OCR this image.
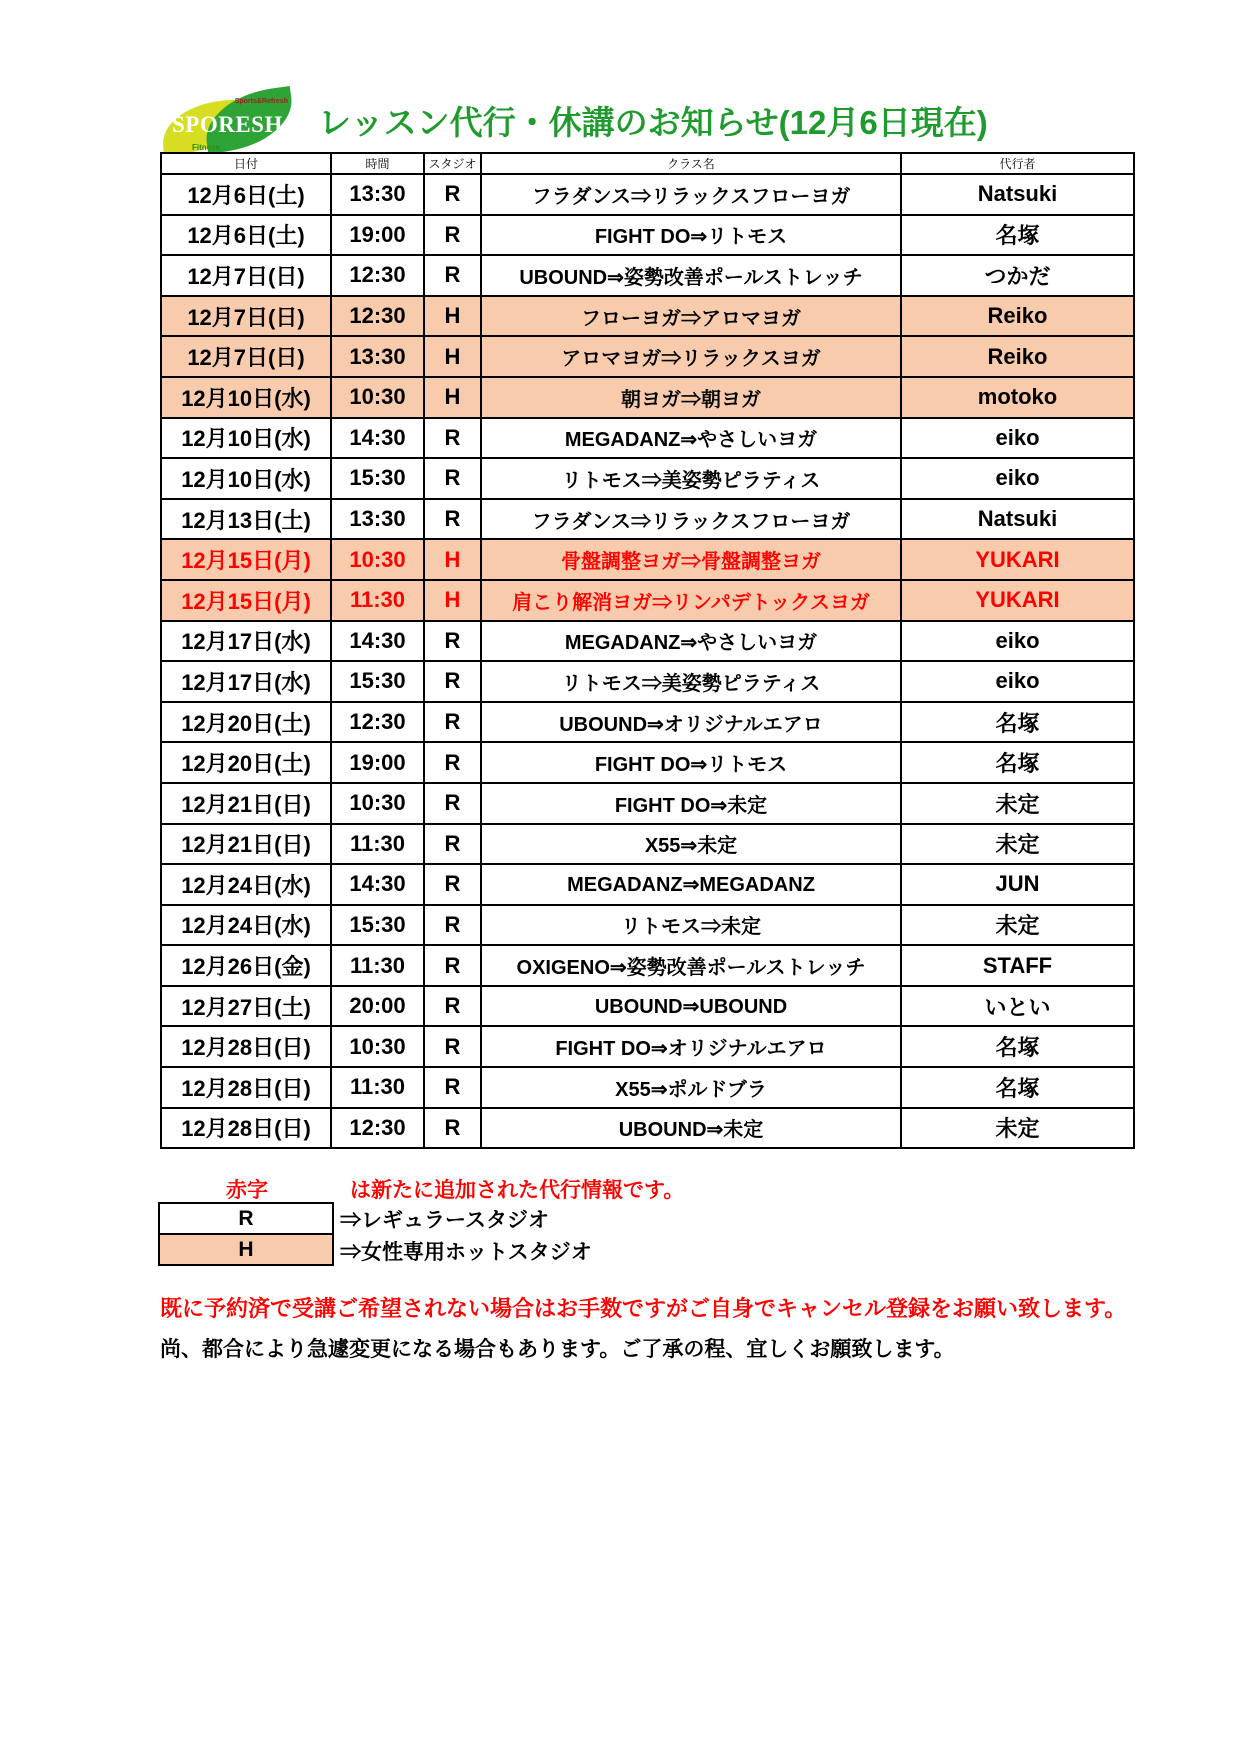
Sports&Refresh
SPORESH
Fitness
レッスン代行・休講のお知らせ(12月6日現在)
日付	時間	スタジオ	クラス名	代行者
12月6日(土)	13:30	R	フラダンス⇒リラックスフローヨガ	Natsuki
12月6日(土)	19:00	R	FIGHT DO⇒リトモス	名塚
12月7日(日)	12:30	R	UBOUND⇒姿勢改善ポールストレッチ	つかだ
12月7日(日)	12:30	H	フローヨガ⇒アロマヨガ	Reiko
12月7日(日)	13:30	H	アロマヨガ⇒リラックスヨガ	Reiko
12月10日(水)	10:30	H	朝ヨガ⇒朝ヨガ	motoko
12月10日(水)	14:30	R	MEGADANZ⇒やさしいヨガ	eiko
12月10日(水)	15:30	R	リトモス⇒美姿勢ピラティス	eiko
12月13日(土)	13:30	R	フラダンス⇒リラックスフローヨガ	Natsuki
12月15日(月)	10:30	H	骨盤調整ヨガ⇒骨盤調整ヨガ	YUKARI
12月15日(月)	11:30	H	肩こり解消ヨガ⇒リンパデトックスヨガ	YUKARI
12月17日(水)	14:30	R	MEGADANZ⇒やさしいヨガ	eiko
12月17日(水)	15:30	R	リトモス⇒美姿勢ピラティス	eiko
12月20日(土)	12:30	R	UBOUND⇒オリジナルエアロ	名塚
12月20日(土)	19:00	R	FIGHT DO⇒リトモス	名塚
12月21日(日)	10:30	R	FIGHT DO⇒未定	未定
12月21日(日)	11:30	R	X55⇒未定	未定
12月24日(水)	14:30	R	MEGADANZ⇒MEGADANZ	JUN
12月24日(水)	15:30	R	リトモス⇒未定	未定
12月26日(金)	11:30	R	OXIGENO⇒姿勢改善ポールストレッチ	STAFF
12月27日(土)	20:00	R	UBOUND⇒UBOUND	いとい
12月28日(日)	10:30	R	FIGHT DO⇒オリジナルエアロ	名塚
12月28日(日)	11:30	R	X55⇒ポルドブラ	名塚
12月28日(日)	12:30	R	UBOUND⇒未定	未定
赤字	は新たに追加された代行情報です。
R	⇒レギュラースタジオ
H	⇒女性専用ホットスタジオ
既に予約済で受講ご希望されない場合はお手数ですがご自身でキャンセル登録をお願い致します。
尚、都合により急遽変更になる場合もあります。ご了承の程、宜しくお願致します。
